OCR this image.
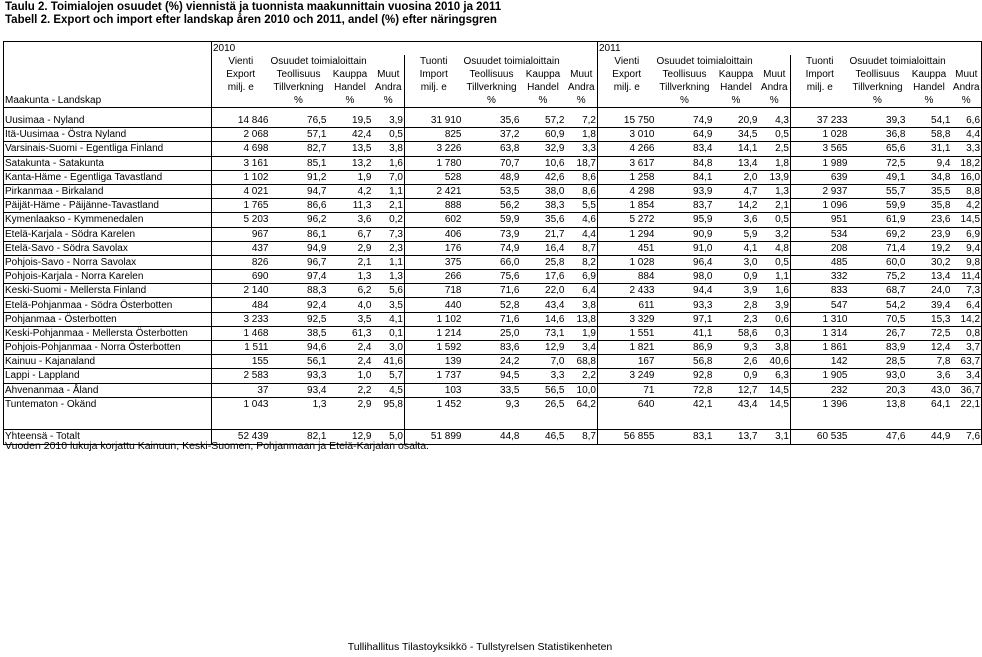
Taulu 2. Toimialojen osuudet (%) viennistä ja tuonnista maakunnittain vuosina 2010 ja 2011
Tabell 2. Export och import efter landskap åren 2010 och 2011, andel (%) efter näringsgren
	2010								2011							
	Vienti	Osuudet toimialoittain			Tuonti	Osuudet toimialoittain			Vienti	Osuudet toimialoittain			Tuonti	Osuudet toimialoittain		
	Export	Teollisuus	Kauppa	Muut	Import	Teollisuus	Kauppa	Muut	Export	Teollisuus	Kauppa	Muut	Import	Teollisuus	Kauppa	Muut
	milj. e	Tillverkning	Handel	Andra	milj. e	Tillverkning	Handel	Andra	milj. e	Tillverkning	Handel	Andra	milj. e	Tillverkning	Handel	Andra
Maakunta - Landskap		%	%	%		%	%	%		%	%	%		%	%	%

Uusimaa - Nyland	14 846	76,5	19,5	3,9	31 910	35,6	57,2	7,2	15 750	74,9	20,9	4,3	37 233	39,3	54,1	6,6
Itä-Uusimaa - Östra Nyland	2 068	57,1	42,4	0,5	825	37,2	60,9	1,8	3 010	64,9	34,5	0,5	1 028	36,8	58,8	4,4
Varsinais-Suomi - Egentliga Finland	4 698	82,7	13,5	3,8	3 226	63,8	32,9	3,3	4 266	83,4	14,1	2,5	3 565	65,6	31,1	3,3
Satakunta - Satakunta	3 161	85,1	13,2	1,6	1 780	70,7	10,6	18,7	3 617	84,8	13,4	1,8	1 989	72,5	9,4	18,2
Kanta-Häme - Egentliga Tavastland	1 102	91,2	1,9	7,0	528	48,9	42,6	8,6	1 258	84,1	2,0	13,9	639	49,1	34,8	16,0
Pirkanmaa - Birkaland	4 021	94,7	4,2	1,1	2 421	53,5	38,0	8,6	4 298	93,9	4,7	1,3	2 937	55,7	35,5	8,8
Päijät-Häme - Päijänne-Tavastland	1 765	86,6	11,3	2,1	888	56,2	38,3	5,5	1 854	83,7	14,2	2,1	1 096	59,9	35,8	4,2
Kymenlaakso - Kymmenedalen	5 203	96,2	3,6	0,2	602	59,9	35,6	4,6	5 272	95,9	3,6	0,5	951	61,9	23,6	14,5
Etelä-Karjala - Södra Karelen	967	86,1	6,7	7,3	406	73,9	21,7	4,4	1 294	90,9	5,9	3,2	534	69,2	23,9	6,9
Etelä-Savo - Södra Savolax	437	94,9	2,9	2,3	176	74,9	16,4	8,7	451	91,0	4,1	4,8	208	71,4	19,2	9,4
Pohjois-Savo - Norra Savolax	826	96,7	2,1	1,1	375	66,0	25,8	8,2	1 028	96,4	3,0	0,5	485	60,0	30,2	9,8
Pohjois-Karjala - Norra Karelen	690	97,4	1,3	1,3	266	75,6	17,6	6,9	884	98,0	0,9	1,1	332	75,2	13,4	11,4
Keski-Suomi - Mellersta Finland	2 140	88,3	6,2	5,6	718	71,6	22,0	6,4	2 433	94,4	3,9	1,6	833	68,7	24,0	7,3
Etelä-Pohjanmaa - Södra Österbotten	484	92,4	4,0	3,5	440	52,8	43,4	3,8	611	93,3	2,8	3,9	547	54,2	39,4	6,4
Pohjanmaa - Österbotten	3 233	92,5	3,5	4,1	1 102	71,6	14,6	13,8	3 329	97,1	2,3	0,6	1 310	70,5	15,3	14,2
Keski-Pohjanmaa - Mellersta Österbotten	1 468	38,5	61,3	0,1	1 214	25,0	73,1	1,9	1 551	41,1	58,6	0,3	1 314	26,7	72,5	0,8
Pohjois-Pohjanmaa - Norra Österbotten	1 511	94,6	2,4	3,0	1 592	83,6	12,9	3,4	1 821	86,9	9,3	3,8	1 861	83,9	12,4	3,7
Kainuu - Kajanaland	155	56,1	2,4	41,6	139	24,2	7,0	68,8	167	56,8	2,6	40,6	142	28,5	7,8	63,7
Lappi - Lappland	2 583	93,3	1,0	5,7	1 737	94,5	3,3	2,2	3 249	92,8	0,9	6,3	1 905	93,0	3,6	3,4
Ahvenanmaa - Åland	37	93,4	2,2	4,5	103	33,5	56,5	10,0	71	72,8	12,7	14,5	232	20,3	43,0	36,7
Tuntematon - Okänd	1 043	1,3	2,9	95,8	1 452	9,3	26,5	64,2	640	42,1	43,4	14,5	1 396	13,8	64,1	22,1

Yhteensä - Totalt	52 439	82,1	12,9	5,0	51 899	44,8	46,5	8,7	56 855	83,1	13,7	3,1	60 535	47,6	44,9	7,6
Vuoden 2010 lukuja korjattu Kainuun, Keski-Suomen, Pohjanmaan ja Etelä-Karjalan osalta.
Tullihallitus Tilastoyksikkö - Tullstyrelsen Statistikenheten
